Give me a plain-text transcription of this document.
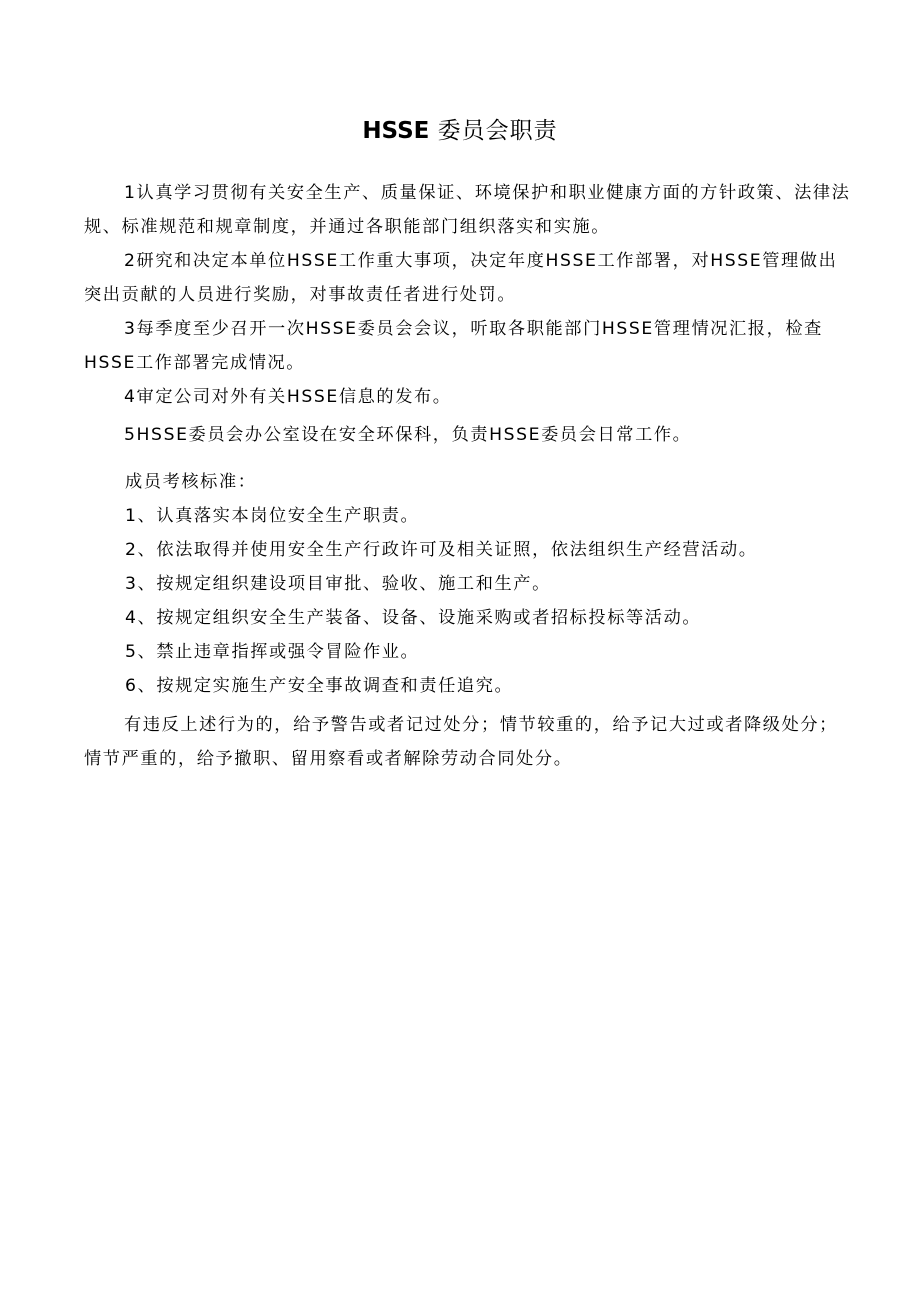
HSSE 委员会职责

1认真学习贯彻有关安全生产、质量保证、环境保护和职业健康方面的方针政策、法律法规、标准规范和规章制度，并通过各职能部门组织落实和实施。

2研究和决定本单位HSSE工作重大事项，决定年度HSSE工作部署，对HSSE管理做出突出贡献的人员进行奖励，对事故责任者进行处罚。

3每季度至少召开一次HSSE委员会会议，听取各职能部门HSSE管理情况汇报，检查HSSE工作部署完成情况。

4审定公司对外有关HSSE信息的发布。

5HSSE委员会办公室设在安全环保科，负责HSSE委员会日常工作。

成员考核标准：

1、认真落实本岗位安全生产职责。

2、依法取得并使用安全生产行政许可及相关证照，依法组织生产经营活动。

3、按规定组织建设项目审批、验收、施工和生产。

4、按规定组织安全生产装备、设备、设施采购或者招标投标等活动。

5、禁止违章指挥或强令冒险作业。

6、按规定实施生产安全事故调查和责任追究。

有违反上述行为的，给予警告或者记过处分；情节较重的，给予记大过或者降级处分；情节严重的，给予撤职、留用察看或者解除劳动合同处分。
